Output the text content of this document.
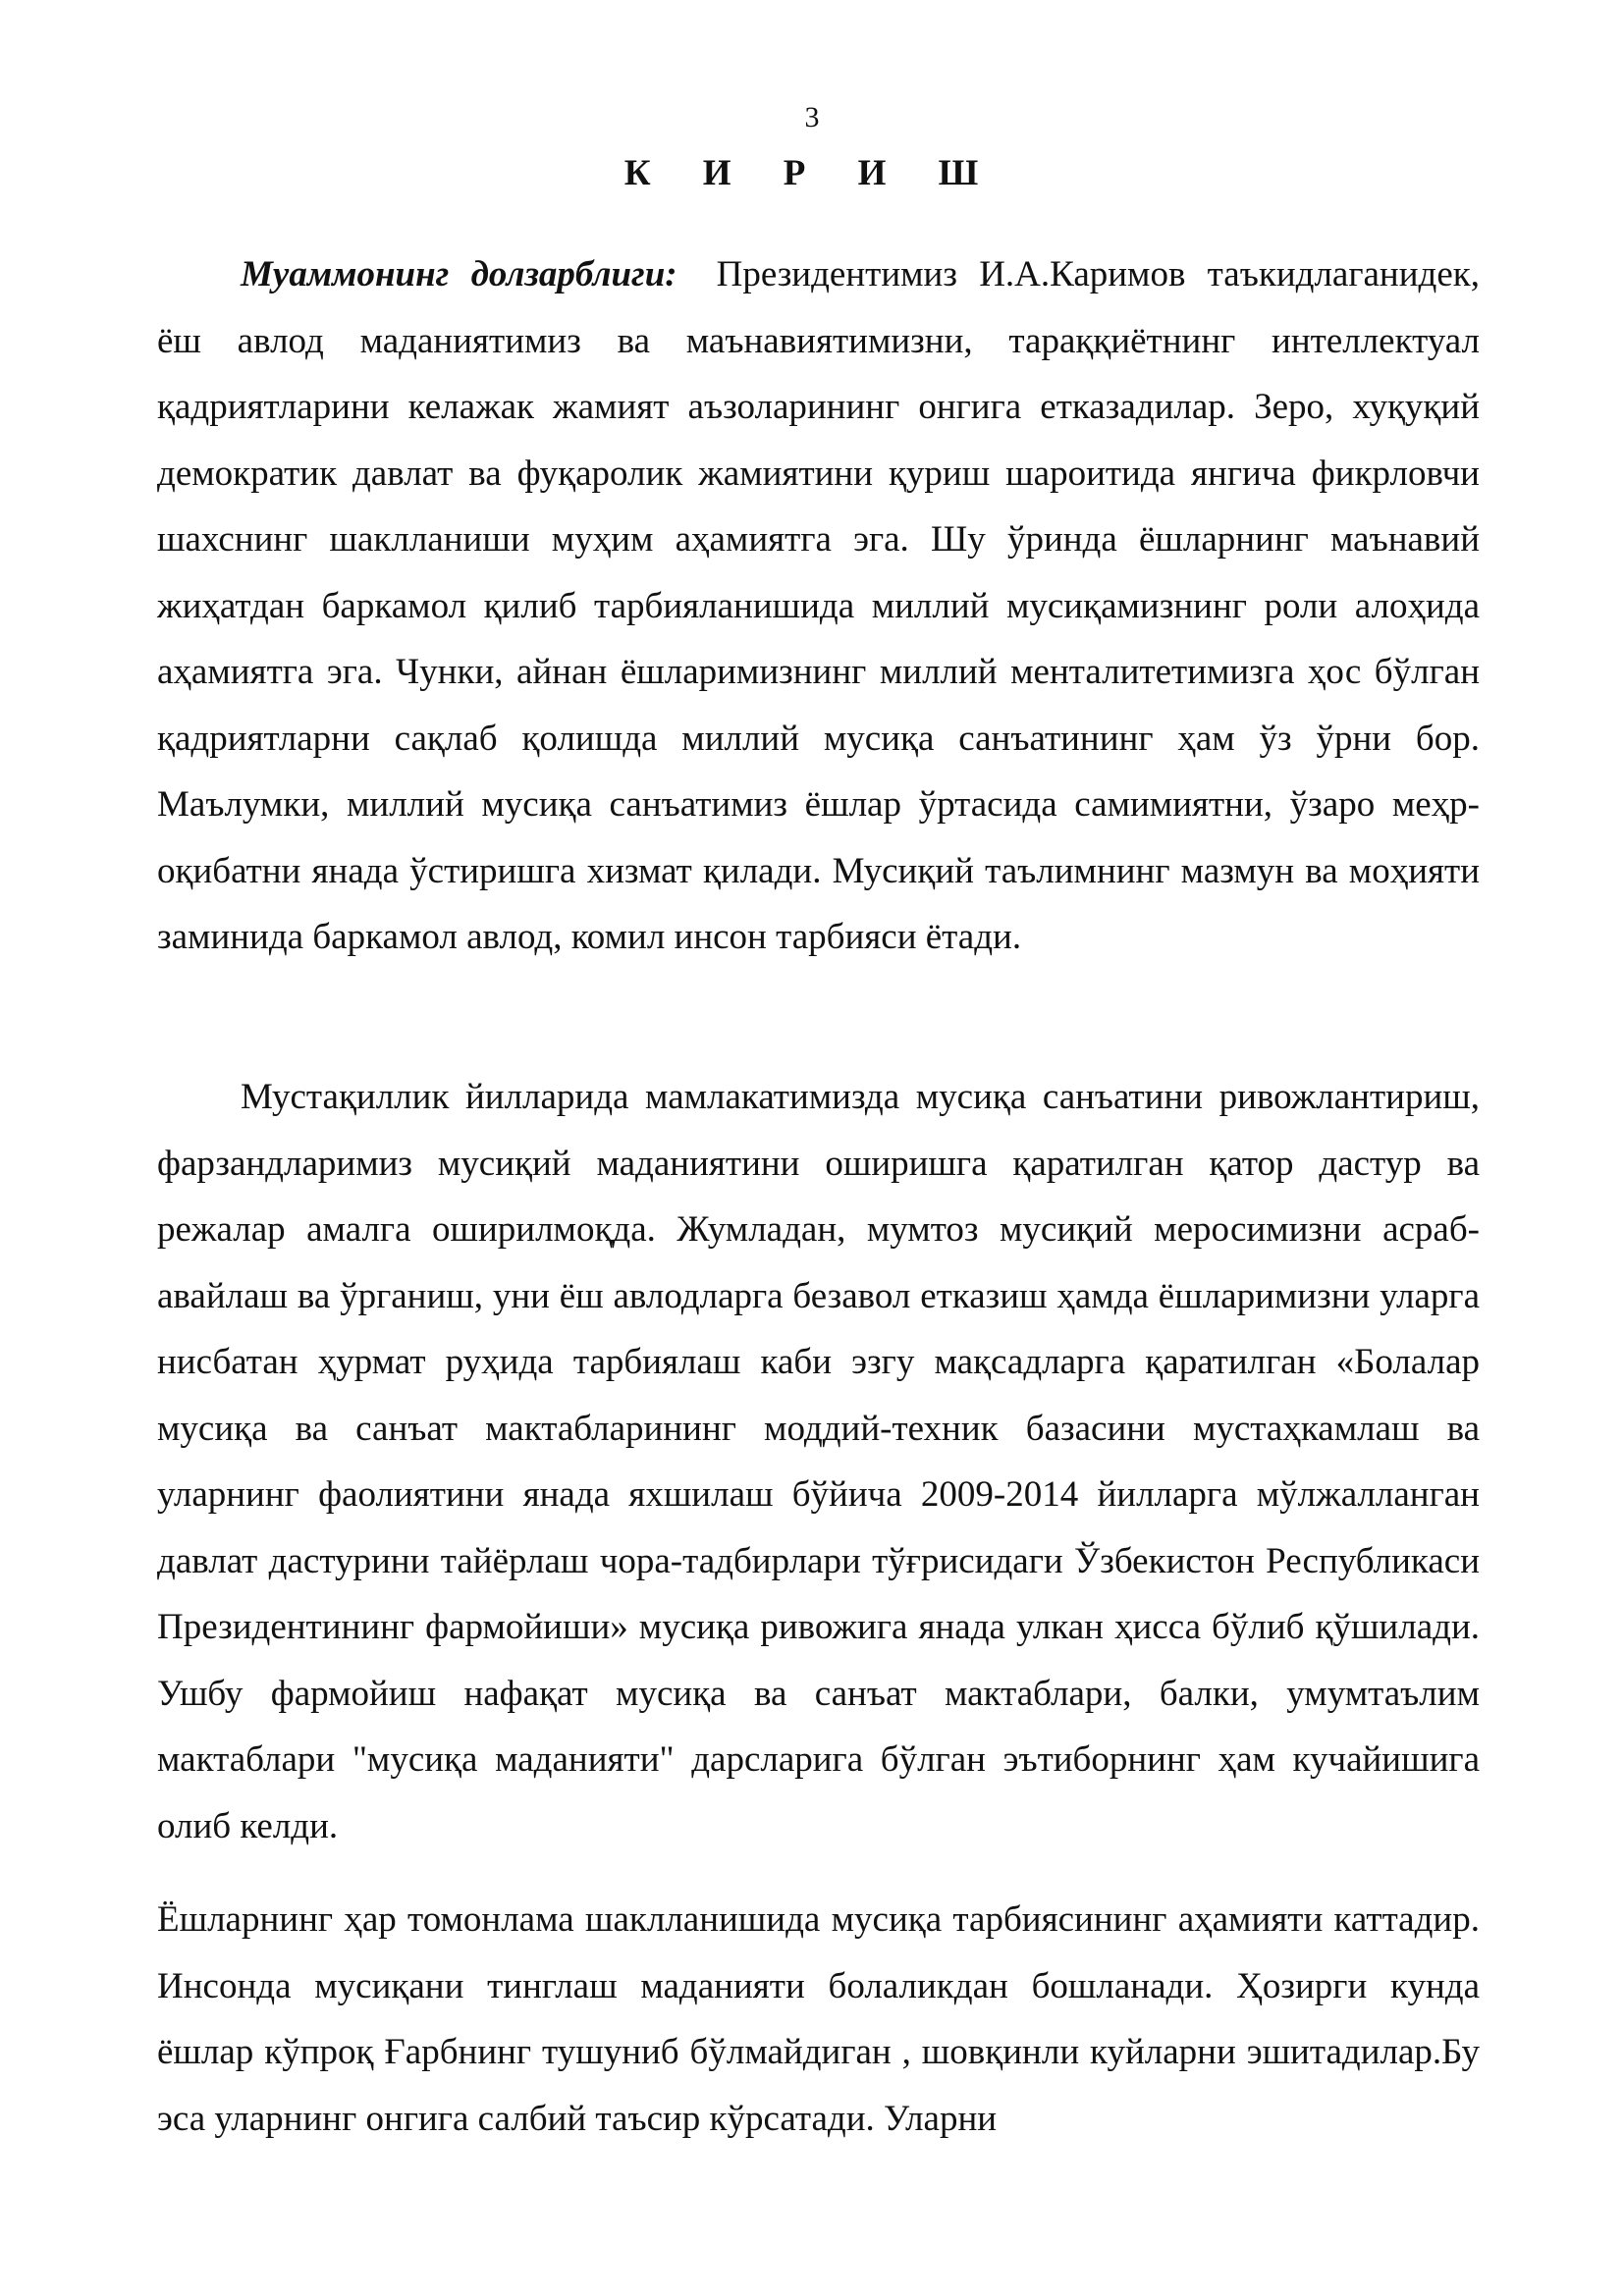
3
К И Р И Ш

Муаммонинг долзарблиги: Президентимиз И.А.Каримов таъкидлаганидек, ёш авлод маданиятимиз ва маънавиятимизни, тараққиётнинг интеллектуал қадриятларини келажак жамият аъзоларининг онгига етказадилар. Зеро, хуқуқий демократик давлат ва фуқаролик жамиятини қуриш шароитида янгича фикрловчи шахснинг шаклланиши муҳим аҳамиятга эга. Шу ўринда ёшларнинг маънавий жиҳатдан баркамол қилиб тарбияланишида миллий мусиқамизнинг роли алоҳида аҳамиятга эга. Чунки, айнан ёшларимизнинг миллий менталитетимизга ҳос бўлган қадриятларни сақлаб қолишда миллий мусиқа санъатининг ҳам ўз ўрни бор. Маълумки, миллий мусиқа санъатимиз ёшлар ўртасида самимиятни, ўзаро меҳр-оқибатни янада ўстиришга хизмат қилади. Мусиқий таълимнинг мазмун ва моҳияти заминида баркамол авлод, комил инсон тарбияси ётади.

Мустақиллик йилларида мамлакатимизда мусиқа санъатини ривожлантириш, фарзандларимиз мусиқий маданиятини оширишга қаратилган қатор дастур ва режалар амалга оширилмоқда. Жумладан, мумтоз мусиқий меросимизни асраб-авайлаш ва ўрганиш, уни ёш авлодларга безавол етказиш ҳамда ёшларимизни уларга нисбатан ҳурмат руҳида тарбиялаш каби эзгу мақсадларга қаратилган «Болалар мусиқа ва санъат мактабларининг моддий-техник базасини мустаҳкамлаш ва уларнинг фаолиятини янада яхшилаш бўйича 2009-2014 йилларга мўлжалланган давлат дастурини тайёрлаш чора-тадбирлари тўғрисидаги Ўзбекистон Республикаси Президентининг фармойиши» мусиқа ривожига янада улкан ҳисса бўлиб қўшилади. Ушбу фармойиш нафақат мусиқа ва санъат мактаблари, балки, умумтаълим мактаблари "мусиқа маданияти" дарсларига бўлган эътиборнинг ҳам кучайишига олиб келди.

Ёшларнинг ҳар томонлама шаклланишида мусиқа тарбиясининг аҳамияти каттадир. Инсонда мусиқани тинглаш маданияти болаликдан бошланади. Ҳозирги кунда ёшлар кўпроқ Ғарбнинг тушуниб бўлмайдиган , шовқинли куйларни эшитадилар.Бу эса уларнинг онгига салбий таъсир кўрсатади. Уларни
